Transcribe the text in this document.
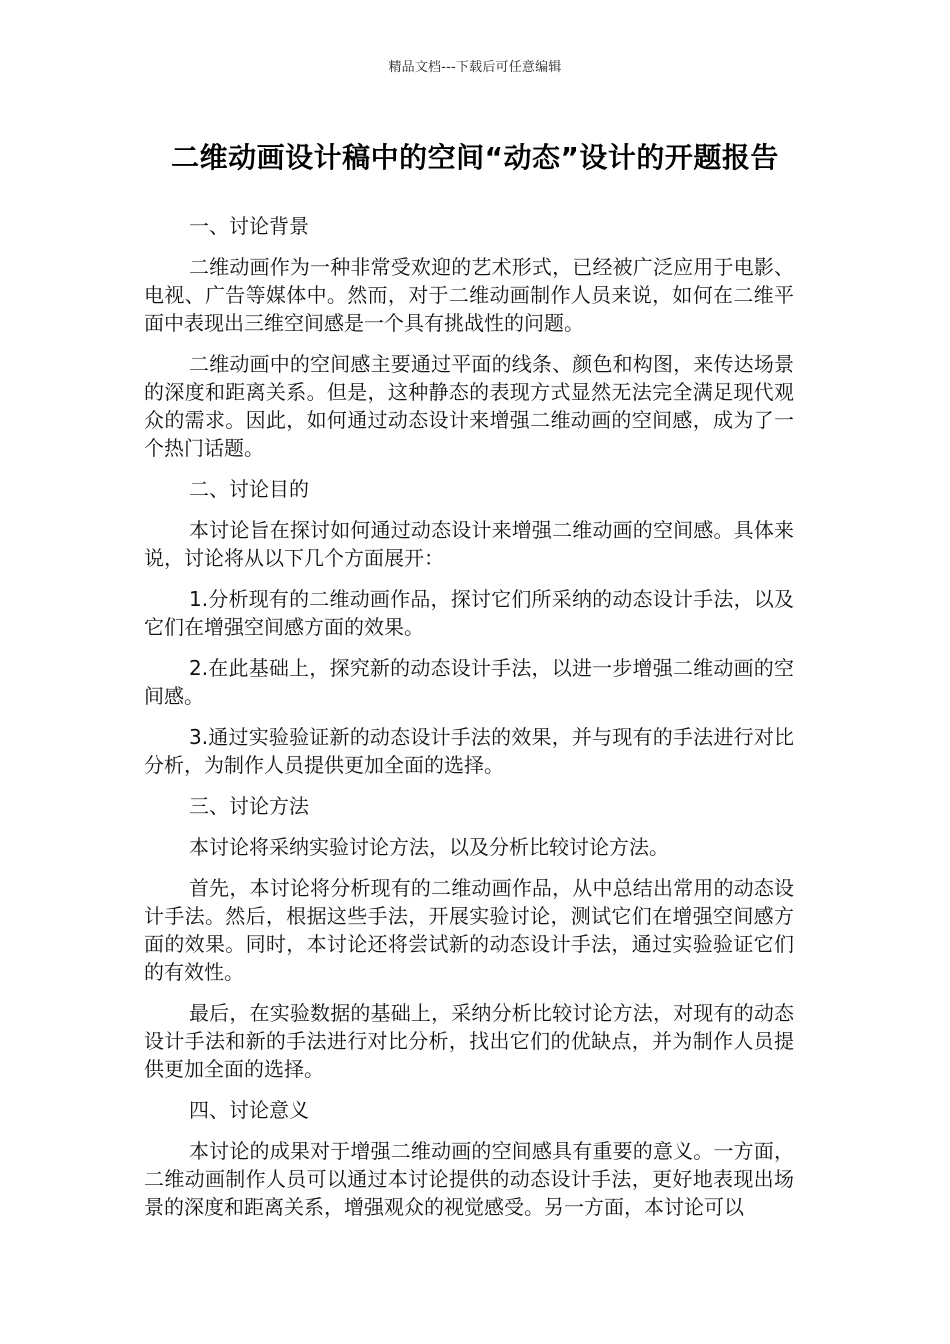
精品文档---下载后可任意编辑
二维动画设计稿中的空间“动态”设计的开题报告

一、讨论背景

二维动画作为一种非常受欢迎的艺术形式，已经被广泛应用于电影、电视、广告等媒体中。然而，对于二维动画制作人员来说，如何在二维平面中表现出三维空间感是一个具有挑战性的问题。

二维动画中的空间感主要通过平面的线条、颜色和构图，来传达场景的深度和距离关系。但是，这种静态的表现方式显然无法完全满足现代观众的需求。因此，如何通过动态设计来增强二维动画的空间感，成为了一个热门话题。

二、讨论目的

本讨论旨在探讨如何通过动态设计来增强二维动画的空间感。具体来说，讨论将从以下几个方面展开：

1.分析现有的二维动画作品，探讨它们所采纳的动态设计手法，以及它们在增强空间感方面的效果。

2.在此基础上，探究新的动态设计手法，以进一步增强二维动画的空间感。

3.通过实验验证新的动态设计手法的效果，并与现有的手法进行对比分析，为制作人员提供更加全面的选择。

三、讨论方法

本讨论将采纳实验讨论方法，以及分析比较讨论方法。

首先，本讨论将分析现有的二维动画作品，从中总结出常用的动态设计手法。然后，根据这些手法，开展实验讨论，测试它们在增强空间感方面的效果。同时，本讨论还将尝试新的动态设计手法，通过实验验证它们的有效性。

最后，在实验数据的基础上，采纳分析比较讨论方法，对现有的动态设计手法和新的手法进行对比分析，找出它们的优缺点，并为制作人员提供更加全面的选择。

四、讨论意义

本讨论的成果对于增强二维动画的空间感具有重要的意义。一方面，二维动画制作人员可以通过本讨论提供的动态设计手法，更好地表现出场景的深度和距离关系，增强观众的视觉感受。另一方面，本讨论可以
